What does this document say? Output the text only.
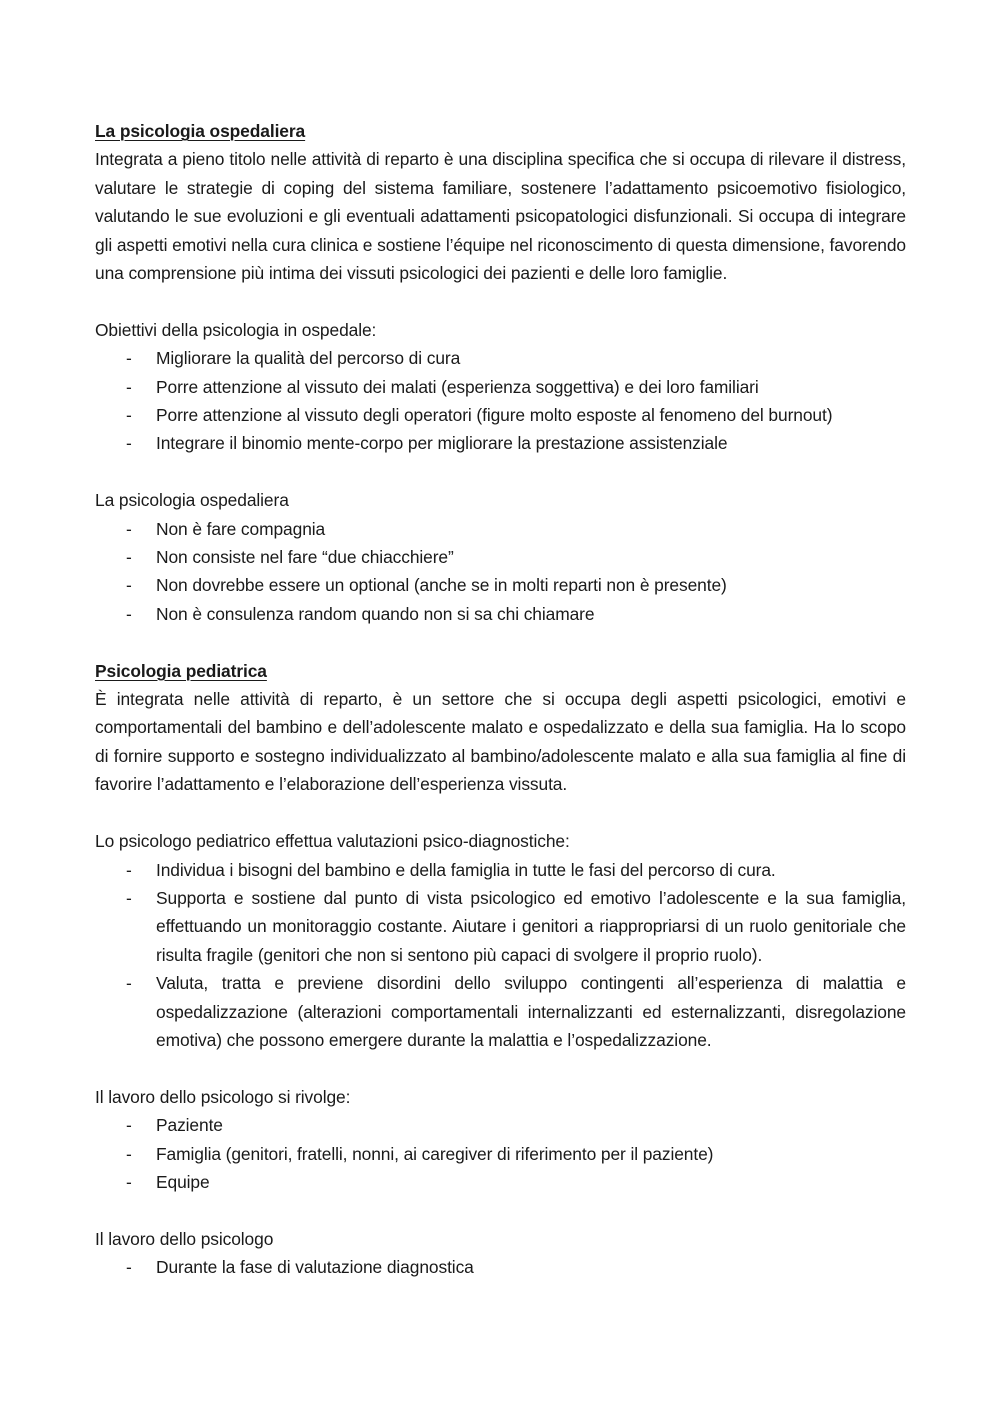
La psicologia ospedaliera

Integrata a pieno titolo nelle attività di reparto è una disciplina specifica che si occupa di rilevare il distress, valutare le strategie di coping del sistema familiare, sostenere l’adattamento psicoemotivo fisiologico, valutando le sue evoluzioni e gli eventuali adattamenti psicopatologici disfunzionali. Si occupa di integrare gli aspetti emotivi nella cura clinica e sostiene l’équipe nel riconoscimento di questa dimensione, favorendo una comprensione più intima dei vissuti psicologici dei pazienti e delle loro famiglie.

Obiettivi della psicologia in ospedale:

- Migliorare la qualità del percorso di cura
- Porre attenzione al vissuto dei malati (esperienza soggettiva) e dei loro familiari
- Porre attenzione al vissuto degli operatori (figure molto esposte al fenomeno del burnout)
- Integrare il binomio mente-corpo per migliorare la prestazione assistenziale

La psicologia ospedaliera

- Non è fare compagnia
- Non consiste nel fare “due chiacchiere”
- Non dovrebbe essere un optional (anche se in molti reparti non è presente)
- Non è consulenza random quando non si sa chi chiamare

Psicologia pediatrica

È integrata nelle attività di reparto, è un settore che si occupa degli aspetti psicologici, emotivi e comportamentali del bambino e dell’adolescente malato e ospedalizzato e della sua famiglia. Ha lo scopo di fornire supporto e sostegno individualizzato al bambino/adolescente malato e alla sua famiglia al fine di favorire l’adattamento e l’elaborazione dell’esperienza vissuta.

Lo psicologo pediatrico effettua valutazioni psico-diagnostiche:

- Individua i bisogni del bambino e della famiglia in tutte le fasi del percorso di cura.
- Supporta e sostiene dal punto di vista psicologico ed emotivo l’adolescente e la sua famiglia, effettuando un monitoraggio costante. Aiutare i genitori a riappropriarsi di un ruolo genitoriale che risulta fragile (genitori che non si sentono più capaci di svolgere il proprio ruolo).
- Valuta, tratta e previene disordini dello sviluppo contingenti all’esperienza di malattia e ospedalizzazione (alterazioni comportamentali internalizzanti ed esternalizzanti, disregolazione emotiva) che possono emergere durante la malattia e l’ospedalizzazione.

Il lavoro dello psicologo si rivolge:

- Paziente
- Famiglia (genitori, fratelli, nonni, ai caregiver di riferimento per il paziente)
- Equipe

Il lavoro dello psicologo

- Durante la fase di valutazione diagnostica
